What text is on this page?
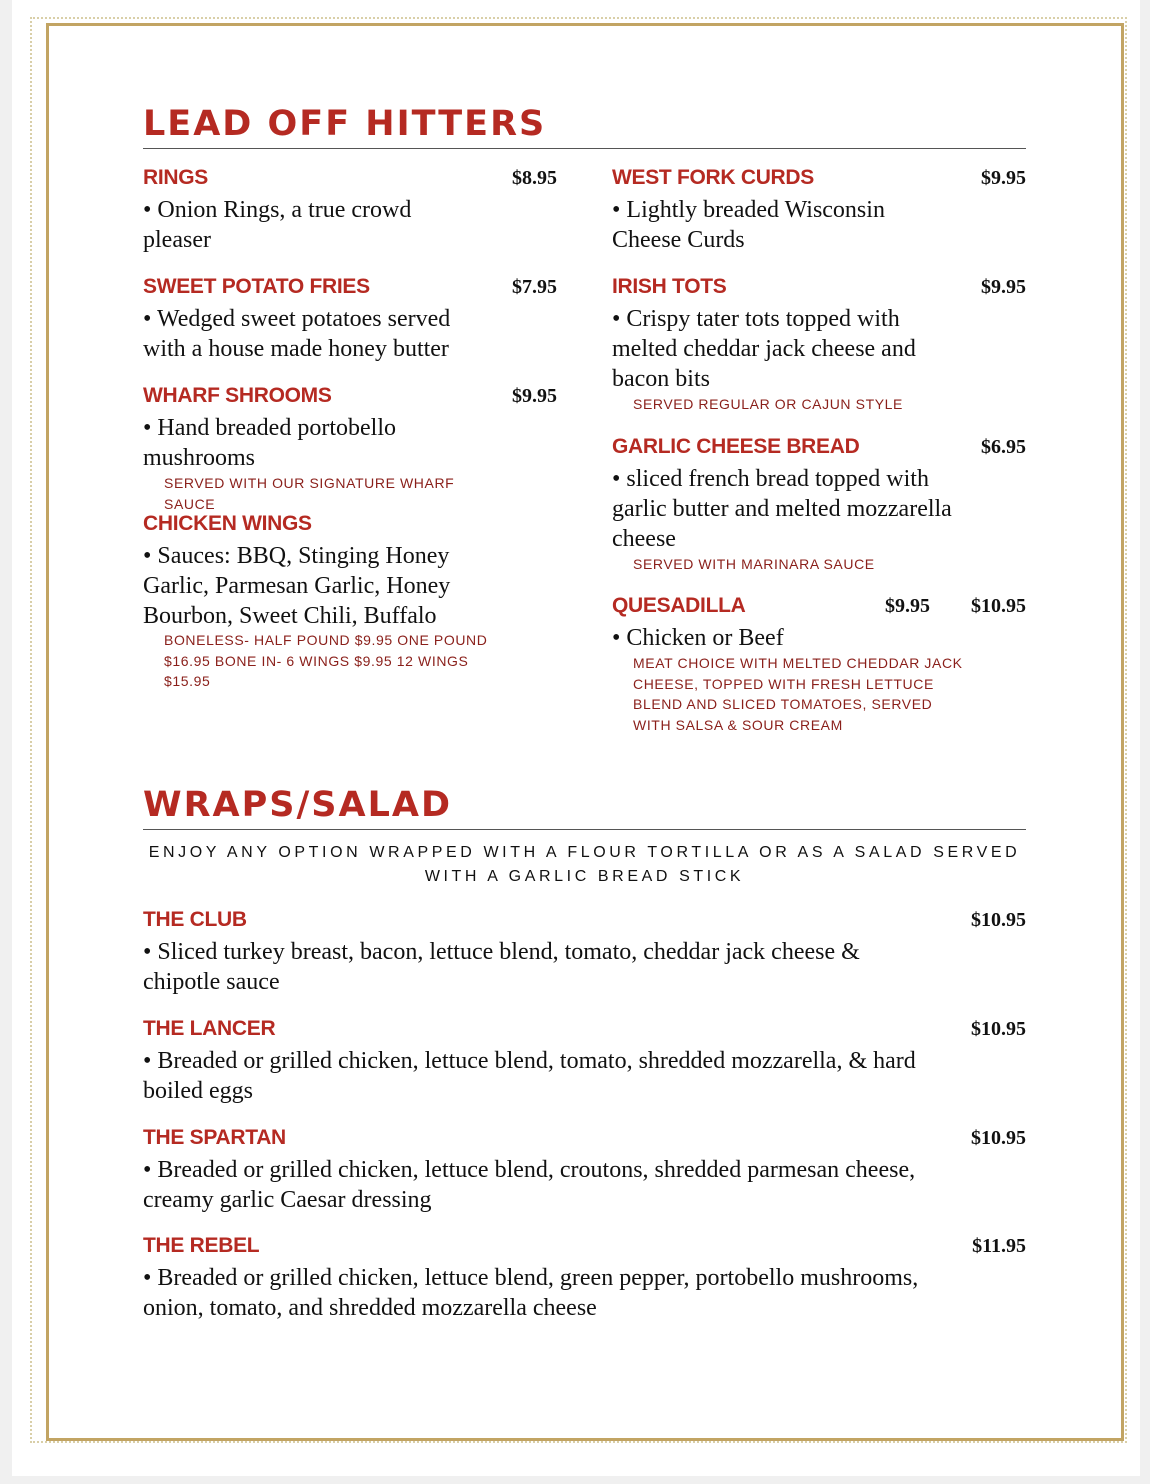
LEAD OFF HITTERS
RINGS	$8.95
• Onion Rings, a true crowd pleaser
SWEET POTATO FRIES	$7.95
• Wedged sweet potatoes served with a house made honey butter
WHARF SHROOMS	$9.95
• Hand breaded portobello mushrooms
SERVED WITH OUR SIGNATURE WHARF SAUCE
CHICKEN WINGS
• Sauces: BBQ, Stinging Honey Garlic, Parmesan Garlic, Honey Bourbon, Sweet Chili, Buffalo
BONELESS- HALF POUND $9.95 ONE POUND $16.95 BONE IN- 6 WINGS $9.95 12 WINGS $15.95
WEST FORK CURDS	$9.95
• Lightly breaded Wisconsin Cheese Curds
IRISH TOTS	$9.95
• Crispy tater tots topped with melted cheddar jack cheese and bacon bits
SERVED REGULAR OR CAJUN STYLE
GARLIC CHEESE BREAD	$6.95
• sliced french bread topped with garlic butter and melted mozzarella cheese
SERVED WITH MARINARA SAUCE
QUESADILLA	$9.95 $10.95
• Chicken or Beef
MEAT CHOICE WITH MELTED CHEDDAR JACK CHEESE, TOPPED WITH FRESH LETTUCE BLEND AND SLICED TOMATOES, SERVED WITH SALSA & SOUR CREAM
WRAPS/SALAD

ENJOY ANY OPTION WRAPPED WITH A FLOUR TORTILLA OR AS A SALAD SERVED WITH A GARLIC BREAD STICK

THE CLUB	$10.95
• Sliced turkey breast, bacon, lettuce blend, tomato, cheddar jack cheese & chipotle sauce
THE LANCER	$10.95
• Breaded or grilled chicken, lettuce blend, tomato, shredded mozzarella, & hard boiled eggs
THE SPARTAN	$10.95
• Breaded or grilled chicken, lettuce blend, croutons, shredded parmesan cheese, creamy garlic Caesar dressing
THE REBEL	$11.95
• Breaded or grilled chicken, lettuce blend, green pepper, portobello mushrooms, onion, tomato, and shredded mozzarella cheese
